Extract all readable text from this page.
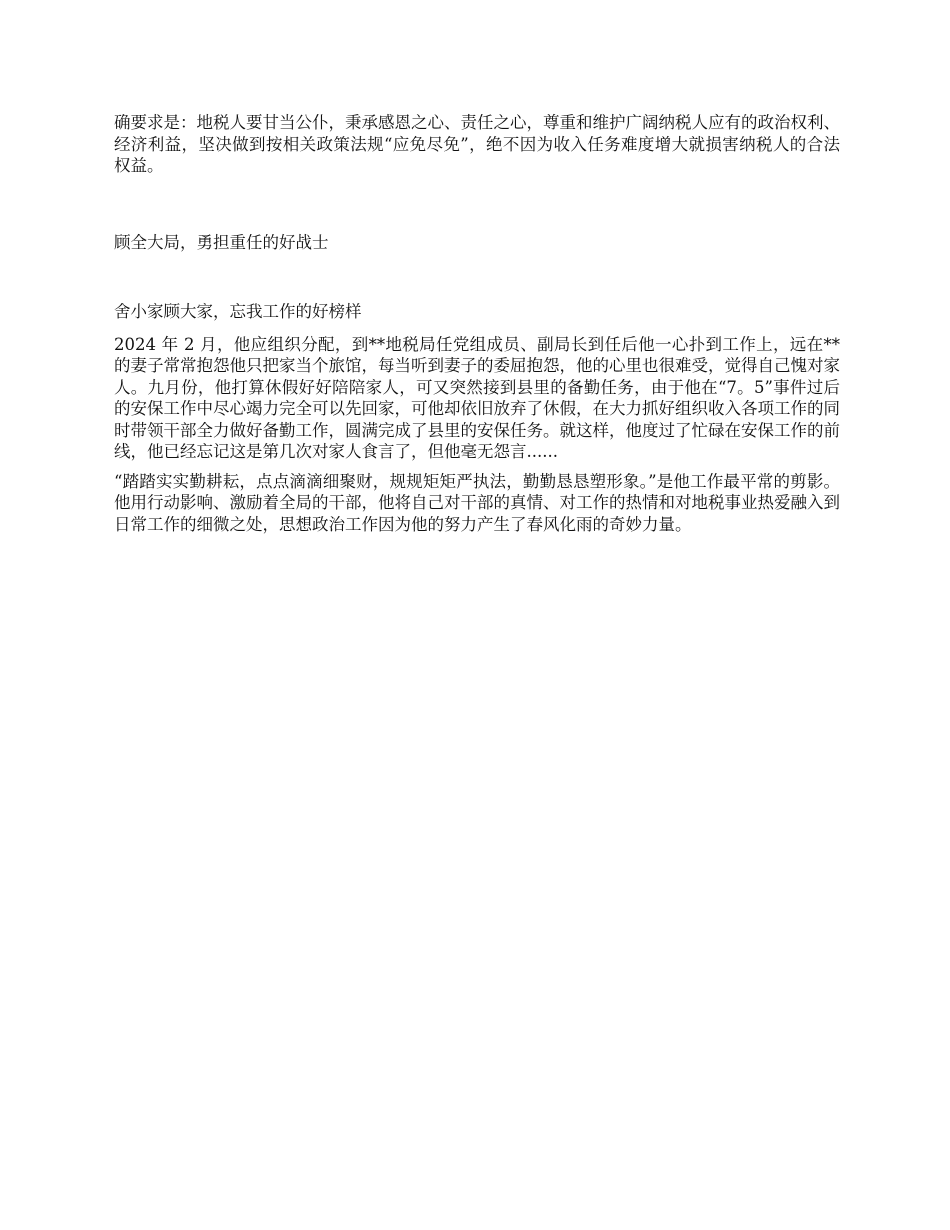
确要求是：地税人要甘当公仆，秉承感恩之心、责任之心，尊重和维护广阔纳税人应有的政治权利、经济利益，坚决做到按相关政策法规“应免尽免”，绝不因为收入任务难度增大就损害纳税人的合法权益。

顾全大局，勇担重任的好战士

舍小家顾大家，忘我工作的好榜样

2024 年 2 月，他应组织分配，到**地税局任党组成员、副局长到任后他一心扑到工作上，远在**的妻子常常抱怨他只把家当个旅馆，每当听到妻子的委屈抱怨，他的心里也很难受，觉得自己愧对家人。九月份，他打算休假好好陪陪家人，可又突然接到县里的备勤任务，由于他在“7。5”事件过后的安保工作中尽心竭力完全可以先回家，可他却依旧放弃了休假，在大力抓好组织收入各项工作的同时带领干部全力做好备勤工作，圆满完成了县里的安保任务。就这样，他度过了忙碌在安保工作的前线，他已经忘记这是第几次对家人食言了，但他毫无怨言......

“踏踏实实勤耕耘，点点滴滴细聚财，规规矩矩严执法，勤勤恳恳塑形象。”是他工作最平常的剪影。他用行动影响、激励着全局的干部，他将自己对干部的真情、对工作的热情和对地税事业热爱融入到日常工作的细微之处，思想政治工作因为他的努力产生了春风化雨的奇妙力量。
